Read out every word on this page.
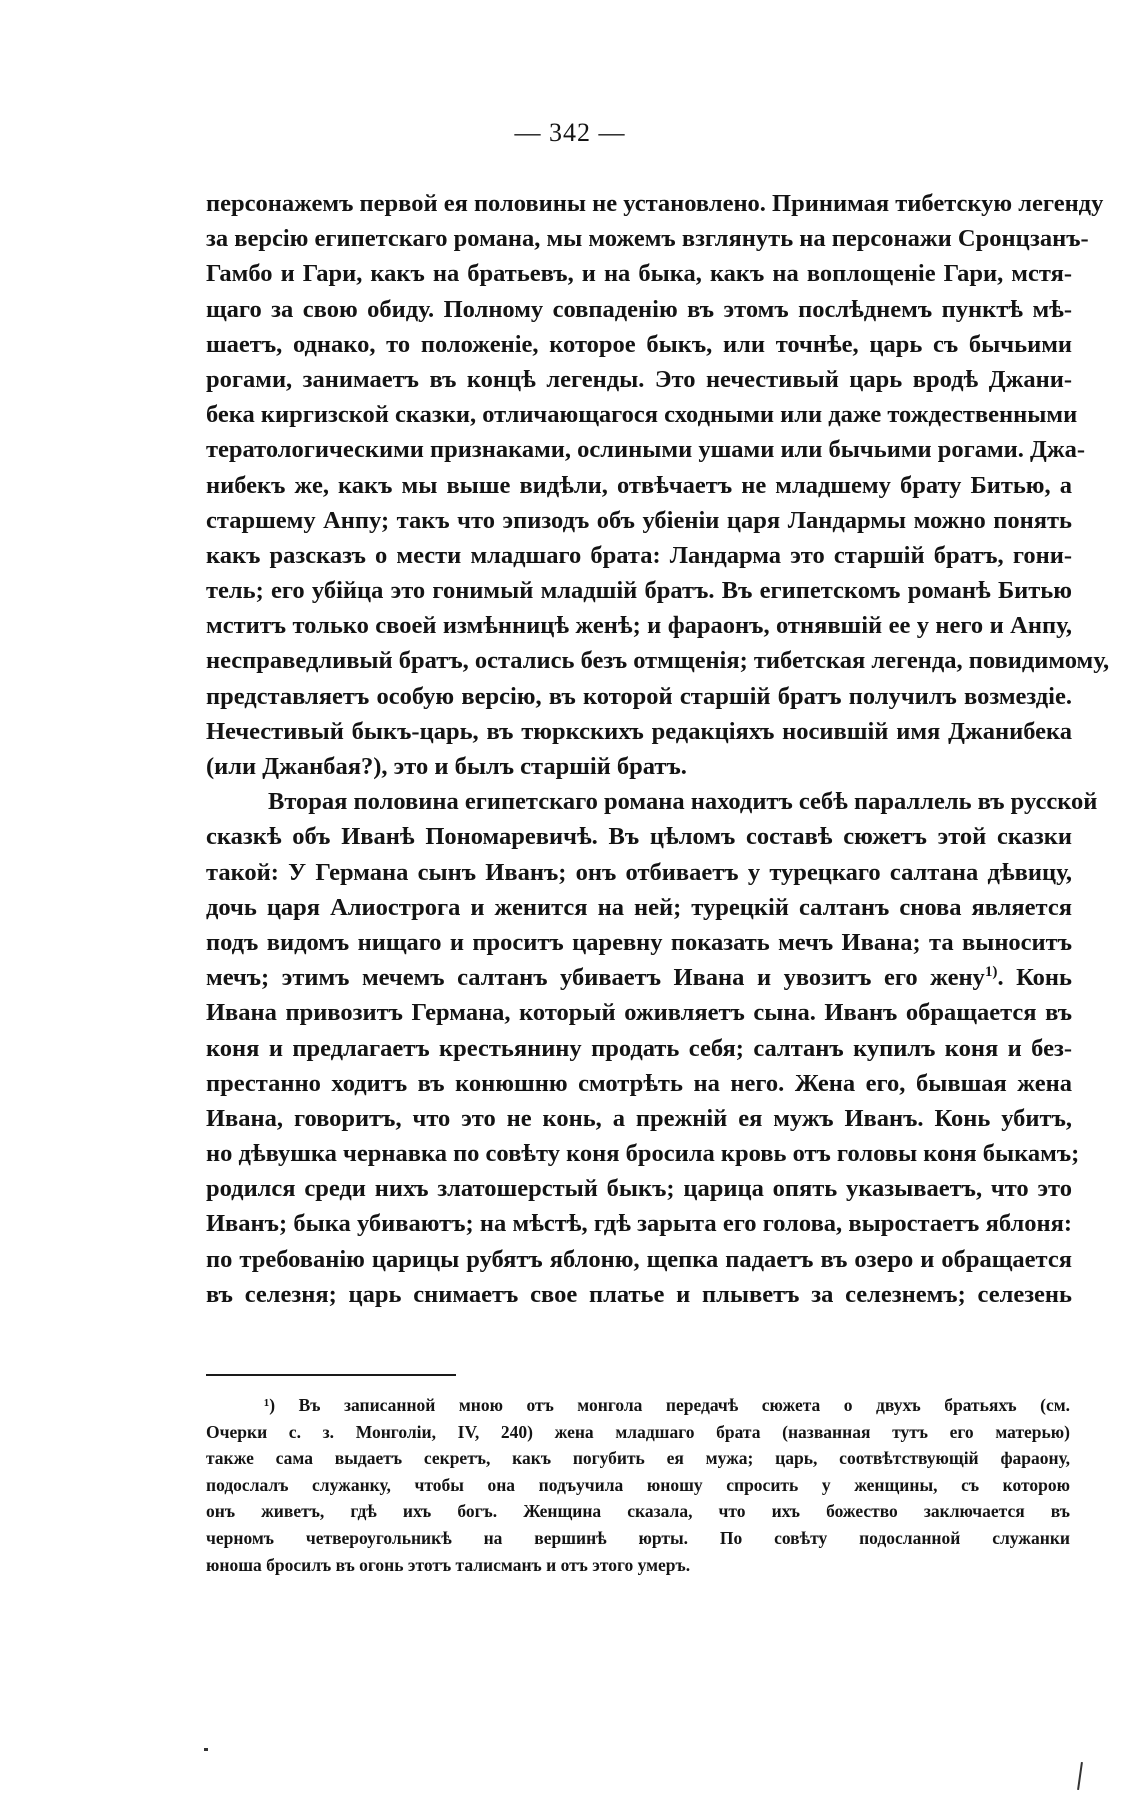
— 342 —
персонажемъ первой ея половины не установлено. Принимая тибетскую легенду
за версію египетскаго романа, мы можемъ взглянуть на персонажи Сронцзанъ-
Гамбо и Гари, какъ на братьевъ, и на быка, какъ на воплощеніе Гари, мстя-
щаго за свою обиду. Полному совпаденію въ этомъ послѣднемъ пунктѣ мѣ-
шаетъ, однако, то положеніе, которое быкъ, или точнѣе, царь съ бычьими
рогами, занимаетъ въ концѣ легенды. Это нечестивый царь вродѣ Джани-
бека киргизской сказки, отличающагося сходными или даже тождественными
тератологическими признаками, ослиными ушами или бычьими рогами. Джа-
нибекъ же, какъ мы выше видѣли, отвѣчаетъ не младшему брату Битью, а
старшему Анпу; такъ что эпизодъ объ убіеніи царя Ландармы можно понять
какъ разсказъ о мести младшаго брата: Ландарма это старшій братъ, гони-
тель; его убійца это гонимый младшій братъ. Въ египетскомъ романѣ Битью
мститъ только своей измѣнницѣ женѣ; и фараонъ, отнявшій ее у него и Анпу,
несправедливый братъ, остались безъ отмщенія; тибетская легенда, повидимому,
представляетъ особую версію, въ которой старшій братъ получилъ возмездіе.
Нечестивый быкъ-царь, въ тюркскихъ редакціяхъ носившій имя Джанибека
(или Джанбая?), это и былъ старшій братъ.
Вторая половина египетскаго романа находитъ себѣ параллель въ русской
сказкѣ объ Иванѣ Пономаревичѣ. Въ цѣломъ составѣ сюжетъ этой сказки
такой: У Германа сынъ Иванъ; онъ отбиваетъ у турецкаго салтана дѣвицу,
дочь царя Алиострога и женится на ней; турецкій салтанъ снова является
подъ видомъ нищаго и проситъ царевну показать мечъ Ивана; та выноситъ
мечъ; этимъ мечемъ салтанъ убиваетъ Ивана и увозитъ его жену$^{1)}$. Конь
Ивана привозитъ Германа, который оживляетъ сына. Иванъ обращается въ
коня и предлагаетъ крестьянину продать себя; салтанъ купилъ коня и без-
престанно ходитъ въ конюшню смотрѣть на него. Жена его, бывшая жена
Ивана, говоритъ, что это не конь, а прежній ея мужъ Иванъ. Конь убитъ,
но дѣвушка чернавка по совѣту коня бросила кровь отъ головы коня быкамъ;
родился среди нихъ златошерстый быкъ; царица опять указываетъ, что это
Иванъ; быка убиваютъ; на мѣстѣ, гдѣ зарыта его голова, выростаетъ яблоня:
по требованію царицы рубятъ яблоню, щепка падаетъ въ озеро и обращается
въ селезня; царь снимаетъ свое платье и плыветъ за селезнемъ; селезень
¹) Въ записанной мною отъ монгола передачѣ сюжета о двухъ братьяхъ (см.
Очерки с. з. Монголіи, IV, 240) жена младшаго брата (названная тутъ его матерью)
также сама выдаетъ секретъ, какъ погубить ея мужа; царь, соотвѣтствующій фараону,
подослалъ служанку, чтобы она подъучила юношу спросить у женщины, съ которою
онъ живетъ, гдѣ ихъ богъ. Женщина сказала, что ихъ божество заключается въ
черномъ четвероугольникѣ на вершинѣ юрты. По совѣту подосланной служанки
юноша бросилъ въ огонь этотъ талисманъ и отъ этого умеръ.
